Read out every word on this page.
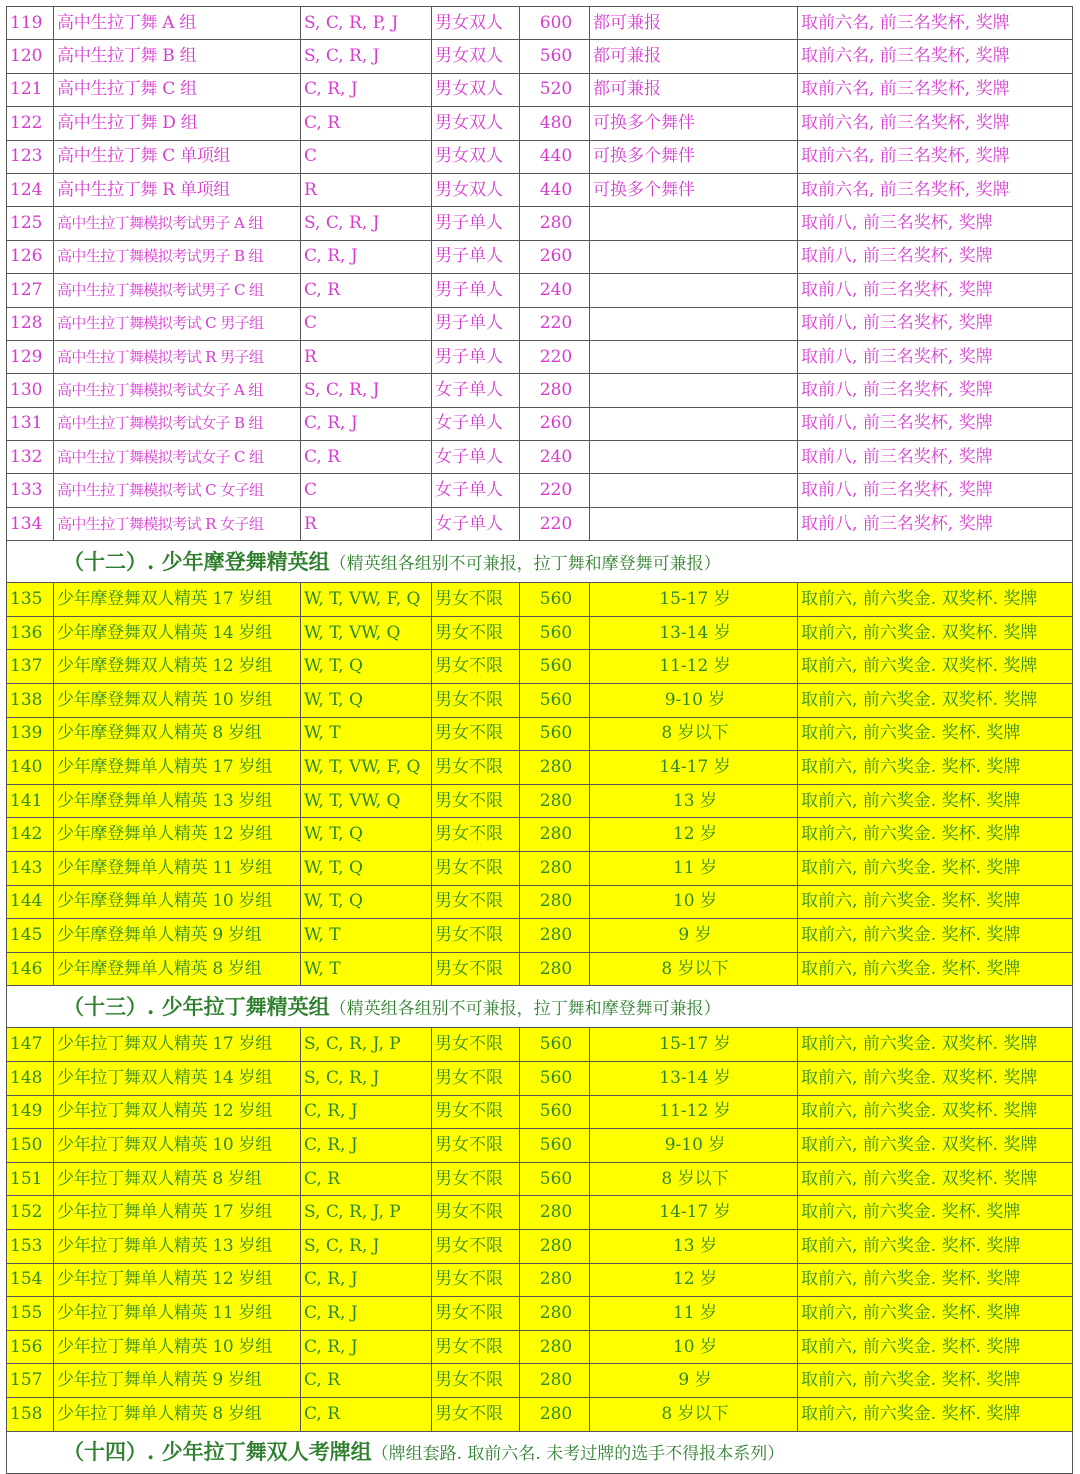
119	高中生拉丁舞 A 组	S, C, R, P, J	男女双人	600	都可兼报	取前六名, 前三名奖杯, 奖牌
120	高中生拉丁舞 B 组	S, C, R, J	男女双人	560	都可兼报	取前六名, 前三名奖杯, 奖牌
121	高中生拉丁舞 C 组	C, R, J	男女双人	520	都可兼报	取前六名, 前三名奖杯, 奖牌
122	高中生拉丁舞 D 组	C, R	男女双人	480	可换多个舞伴	取前六名, 前三名奖杯, 奖牌
123	高中生拉丁舞 C 单项组	C	男女双人	440	可换多个舞伴	取前六名, 前三名奖杯, 奖牌
124	高中生拉丁舞 R 单项组	R	男女双人	440	可换多个舞伴	取前六名, 前三名奖杯, 奖牌
125	高中生拉丁舞模拟考试男子 A 组	S, C, R, J	男子单人	280		取前八, 前三名奖杯, 奖牌
126	高中生拉丁舞模拟考试男子 B 组	C, R, J	男子单人	260		取前八, 前三名奖杯, 奖牌
127	高中生拉丁舞模拟考试男子 C 组	C, R	男子单人	240		取前八, 前三名奖杯, 奖牌
128	高中生拉丁舞模拟考试 C 男子组	C	男子单人	220		取前八, 前三名奖杯, 奖牌
129	高中生拉丁舞模拟考试 R 男子组	R	男子单人	220		取前八, 前三名奖杯, 奖牌
130	高中生拉丁舞模拟考试女子 A 组	S, C, R, J	女子单人	280		取前八, 前三名奖杯, 奖牌
131	高中生拉丁舞模拟考试女子 B 组	C, R, J	女子单人	260		取前八, 前三名奖杯, 奖牌
132	高中生拉丁舞模拟考试女子 C 组	C, R	女子单人	240		取前八, 前三名奖杯, 奖牌
133	高中生拉丁舞模拟考试 C 女子组	C	女子单人	220		取前八, 前三名奖杯, 奖牌
134	高中生拉丁舞模拟考试 R 女子组	R	女子单人	220		取前八, 前三名奖杯, 奖牌
（十二）. 少年摩登舞精英组（精英组各组别不可兼报，拉丁舞和摩登舞可兼报）						
135	少年摩登舞双人精英 17 岁组	W, T, VW, F, Q	男女不限	560	15-17 岁	取前六, 前六奖金. 双奖杯. 奖牌
136	少年摩登舞双人精英 14 岁组	W, T, VW, Q	男女不限	560	13-14 岁	取前六, 前六奖金. 双奖杯. 奖牌
137	少年摩登舞双人精英 12 岁组	W, T, Q	男女不限	560	11-12 岁	取前六, 前六奖金. 双奖杯. 奖牌
138	少年摩登舞双人精英 10 岁组	W, T, Q	男女不限	560	9-10 岁	取前六, 前六奖金. 双奖杯. 奖牌
139	少年摩登舞双人精英 8 岁组	W, T	男女不限	560	8 岁以下	取前六, 前六奖金. 奖杯. 奖牌
140	少年摩登舞单人精英 17 岁组	W, T, VW, F, Q	男女不限	280	14-17 岁	取前六, 前六奖金. 奖杯. 奖牌
141	少年摩登舞单人精英 13 岁组	W, T, VW, Q	男女不限	280	13 岁	取前六, 前六奖金. 奖杯. 奖牌
142	少年摩登舞单人精英 12 岁组	W, T, Q	男女不限	280	12 岁	取前六, 前六奖金. 奖杯. 奖牌
143	少年摩登舞单人精英 11 岁组	W, T, Q	男女不限	280	11 岁	取前六, 前六奖金. 奖杯. 奖牌
144	少年摩登舞单人精英 10 岁组	W, T, Q	男女不限	280	10 岁	取前六, 前六奖金. 奖杯. 奖牌
145	少年摩登舞单人精英 9 岁组	W, T	男女不限	280	9 岁	取前六, 前六奖金. 奖杯. 奖牌
146	少年摩登舞单人精英 8 岁组	W, T	男女不限	280	8 岁以下	取前六, 前六奖金. 奖杯. 奖牌
（十三）. 少年拉丁舞精英组（精英组各组别不可兼报，拉丁舞和摩登舞可兼报）						
147	少年拉丁舞双人精英 17 岁组	S, C, R, J, P	男女不限	560	15-17 岁	取前六, 前六奖金. 双奖杯. 奖牌
148	少年拉丁舞双人精英 14 岁组	S, C, R, J	男女不限	560	13-14 岁	取前六, 前六奖金. 双奖杯. 奖牌
149	少年拉丁舞双人精英 12 岁组	C, R, J	男女不限	560	11-12 岁	取前六, 前六奖金. 双奖杯. 奖牌
150	少年拉丁舞双人精英 10 岁组	C, R, J	男女不限	560	9-10 岁	取前六, 前六奖金. 双奖杯. 奖牌
151	少年拉丁舞双人精英 8 岁组	C, R	男女不限	560	8 岁以下	取前六, 前六奖金. 双奖杯. 奖牌
152	少年拉丁舞单人精英 17 岁组	S, C, R, J, P	男女不限	280	14-17 岁	取前六, 前六奖金. 奖杯. 奖牌
153	少年拉丁舞单人精英 13 岁组	S, C, R, J	男女不限	280	13 岁	取前六, 前六奖金. 奖杯. 奖牌
154	少年拉丁舞单人精英 12 岁组	C, R, J	男女不限	280	12 岁	取前六, 前六奖金. 奖杯. 奖牌
155	少年拉丁舞单人精英 11 岁组	C, R, J	男女不限	280	11 岁	取前六, 前六奖金. 奖杯. 奖牌
156	少年拉丁舞单人精英 10 岁组	C, R, J	男女不限	280	10 岁	取前六, 前六奖金. 奖杯. 奖牌
157	少年拉丁舞单人精英 9 岁组	C, R	男女不限	280	9 岁	取前六, 前六奖金. 奖杯. 奖牌
158	少年拉丁舞单人精英 8 岁组	C, R	男女不限	280	8 岁以下	取前六, 前六奖金. 奖杯. 奖牌
（十四）. 少年拉丁舞双人考牌组（牌组套路. 取前六名. 未考过牌的选手不得报本系列）						
